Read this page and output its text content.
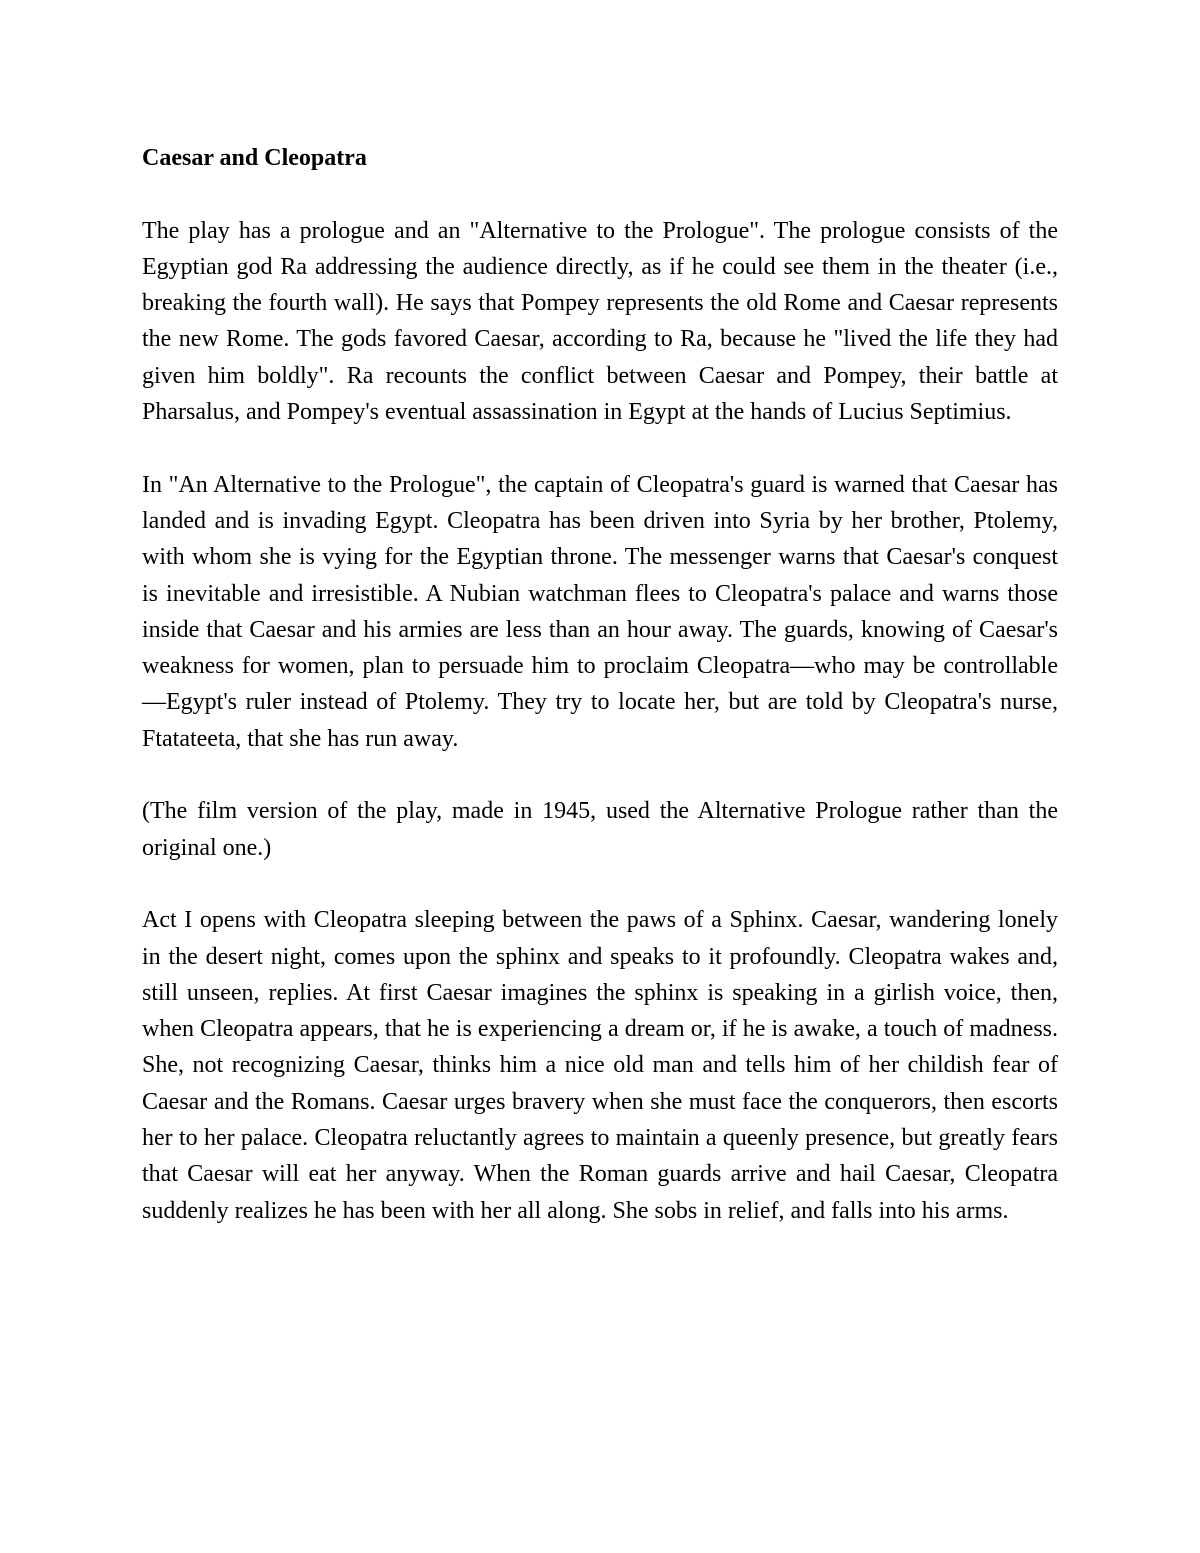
Caesar and Cleopatra

The play has a prologue and an "Alternative to the Prologue". The prologue consists of the Egyptian god Ra addressing the audience directly, as if he could see them in the theater (i.e., breaking the fourth wall). He says that Pompey represents the old Rome and Caesar represents the new Rome. The gods favored Caesar, according to Ra, because he "lived the life they had given him boldly". Ra recounts the conflict between Caesar and Pompey, their battle at Pharsalus, and Pompey's eventual assassination in Egypt at the hands of Lucius Septimius.

In "An Alternative to the Prologue", the captain of Cleopatra's guard is warned that Caesar has landed and is invading Egypt. Cleopatra has been driven into Syria by her brother, Ptolemy, with whom she is vying for the Egyptian throne. The messenger warns that Caesar's conquest is inevitable and irresistible. A Nubian watchman flees to Cleopatra's palace and warns those inside that Caesar and his armies are less than an hour away. The guards, knowing of Caesar's weakness for women, plan to persuade him to proclaim Cleopatra—who may be controllable—Egypt's ruler instead of Ptolemy. They try to locate her, but are told by Cleopatra's nurse, Ftatateeta, that she has run away.

(The film version of the play, made in 1945, used the Alternative Prologue rather than the original one.)

Act I opens with Cleopatra sleeping between the paws of a Sphinx. Caesar, wandering lonely in the desert night, comes upon the sphinx and speaks to it profoundly. Cleopatra wakes and, still unseen, replies. At first Caesar imagines the sphinx is speaking in a girlish voice, then, when Cleopatra appears, that he is experiencing a dream or, if he is awake, a touch of madness. She, not recognizing Caesar, thinks him a nice old man and tells him of her childish fear of Caesar and the Romans. Caesar urges bravery when she must face the conquerors, then escorts her to her palace. Cleopatra reluctantly agrees to maintain a queenly presence, but greatly fears that Caesar will eat her anyway. When the Roman guards arrive and hail Caesar, Cleopatra suddenly realizes he has been with her all along. She sobs in relief, and falls into his arms.
